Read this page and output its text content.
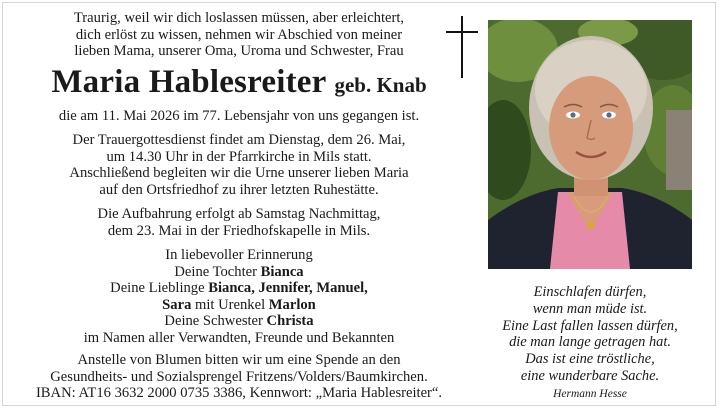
Traurig, weil wir dich loslassen müssen, aber erleichtert,

dich erlöst zu wissen, nehmen wir Abschied von meiner

lieben Mama, unserer Oma, Uroma und Schwester, Frau

Maria Hablesreiter geb. Knab

die am 11. Mai 2026 im 77. Lebensjahr von uns gegangen ist.

Der Trauergottesdienst findet am Dienstag, dem 26. Mai,

um 14.30 Uhr in der Pfarrkirche in Mils statt.

Anschließend begleiten wir die Urne unserer lieben Maria

auf den Ortsfriedhof zu ihrer letzten Ruhestätte.

Die Aufbahrung erfolgt ab Samstag Nachmittag,

dem 23. Mai in der Friedhofskapelle in Mils.

In liebevoller Erinnerung

Deine Tochter Bianca

Deine Lieblinge Bianca, Jennifer, Manuel,

Sara mit Urenkel Marlon

Deine Schwester Christa

im Namen aller Verwandten, Freunde und Bekannten

Anstelle von Blumen bitten wir um eine Spende an den

Gesundheits- und Sozialsprengel Fritzens/Volders/Baumkirchen.

IBAN: AT16 3632 2000 0735 3386, Kennwort: „Maria Hablesreiter“.

Einschlafen dürfen,

wenn man müde ist.

Eine Last fallen lassen dürfen,

die man lange getragen hat.

Das ist eine tröstliche,

eine wunderbare Sache.

Hermann Hesse
